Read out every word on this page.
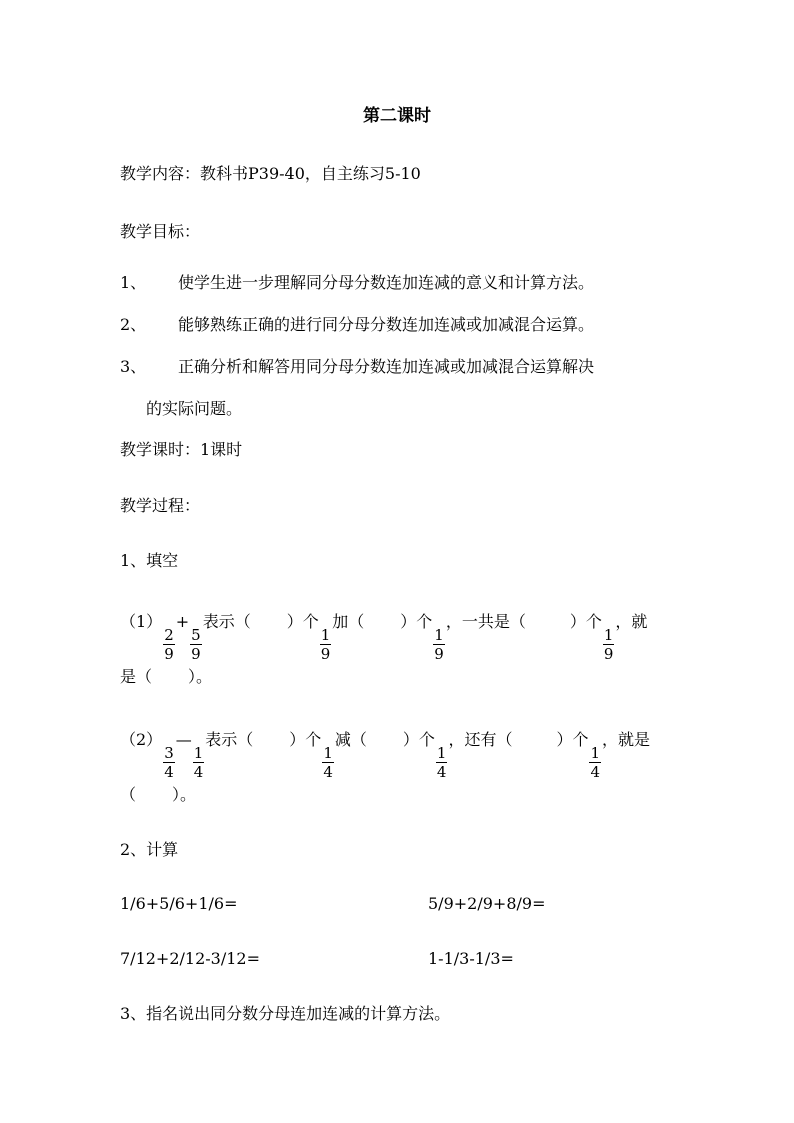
第二课时
教学内容：教科书P39-40，自主练习5-10
教学目标：
1、 使学生进一步理解同分母分数连加连减的意义和计算方法。
2、 能够熟练正确的进行同分母分数连加连减或加减混合运算。
3、 正确分析和解答用同分母分数连加连减或加减混合运算解决
的实际问题。
教学课时：1课时
教学过程：
1、填空
（1）
$\frac{2}{9}$
+
$\frac{5}{9}$
表示（ ）个
$\frac{1}{9}$
加（ ）个
$\frac{1}{9}$
，一共是（	）个
$\frac{1}{9}$
，就
是（ ）。
（2）
$\frac{3}{4}$
—
$\frac{1}{4}$
表示（ ）个
$\frac{1}{4}$
减（ ）个
$\frac{1}{4}$
，还有（	）个
$\frac{1}{4}$
，就是
（ ）。
2、计算
1/6+5/6+1/6=	5/9+2/9+8/9=
7/12+2/12-3/12=	1-1/3-1/3=
3、指名说出同分数分母连加连减的计算方法。
